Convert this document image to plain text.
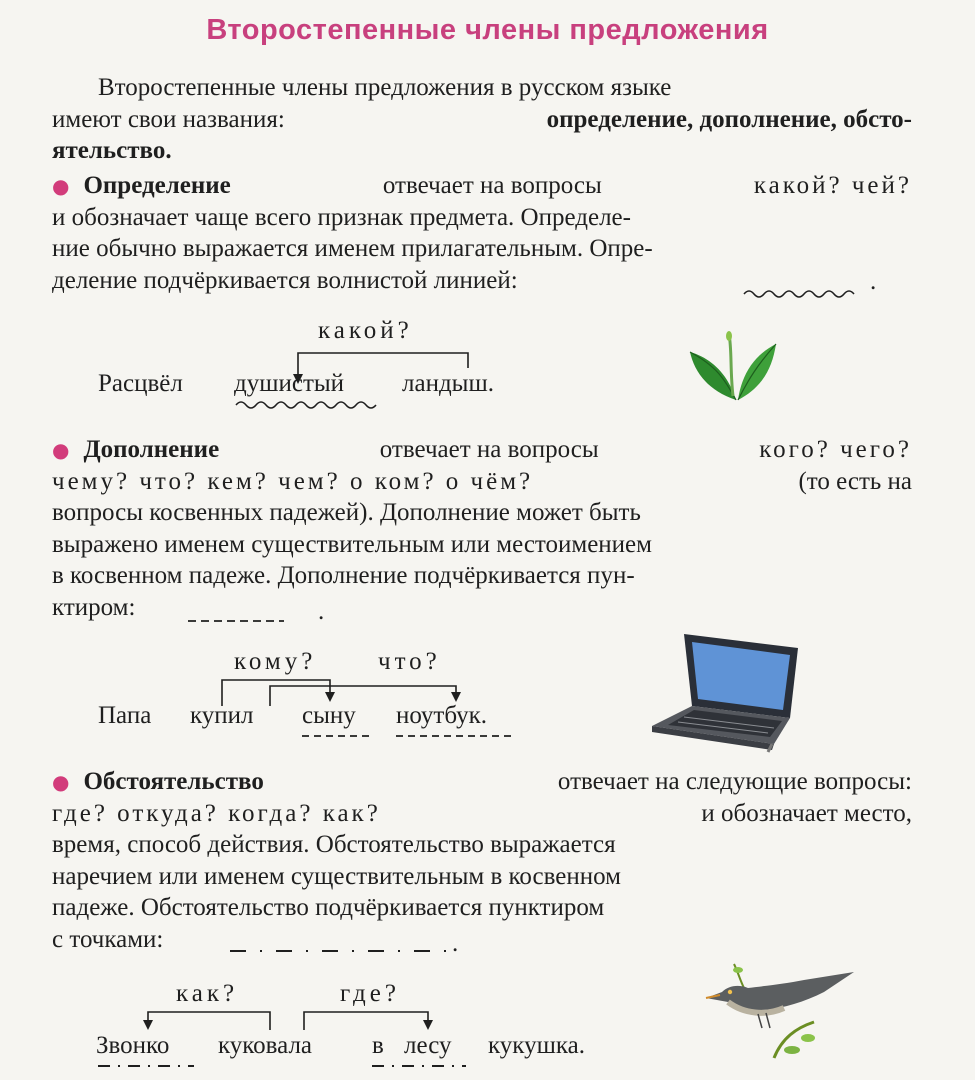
Второстепенные члены предложения
Второстепенные члены предложения в русском языке
имеют свои названия:	определение, дополнение, обсто-
ятельство.
● Определение	отвечает на вопросы	какой? чей?
и обозначает чаще всего признак предмета. Определе-
ние обычно выражается именем прилагательным. Опре-
деление подчёркивается волнистой линией:	.
какой?
Расцвёл душистый ландыш.
● Дополнение	отвечает на вопросы	кого? чего?
чему? что? кем? чем? о ком? о чём?	(то есть на
вопросы косвенных падежей). Дополнение может быть
выражено именем существительным или местоимением
в косвенном падеже. Дополнение подчёркивается пун-
ктиром:	.
кому? что?
Папа купил сыну ноутбук.
● Обстоятельство	отвечает на следующие вопросы:
где? откуда? когда? как?	и обозначает место,
время, способ действия. Обстоятельство выражается
наречием или именем существительным в косвенном
падеже. Обстоятельство подчёркивается пунктиром
с точками:	.
как?	где?
Звонко куковала в лесу кукушка.
